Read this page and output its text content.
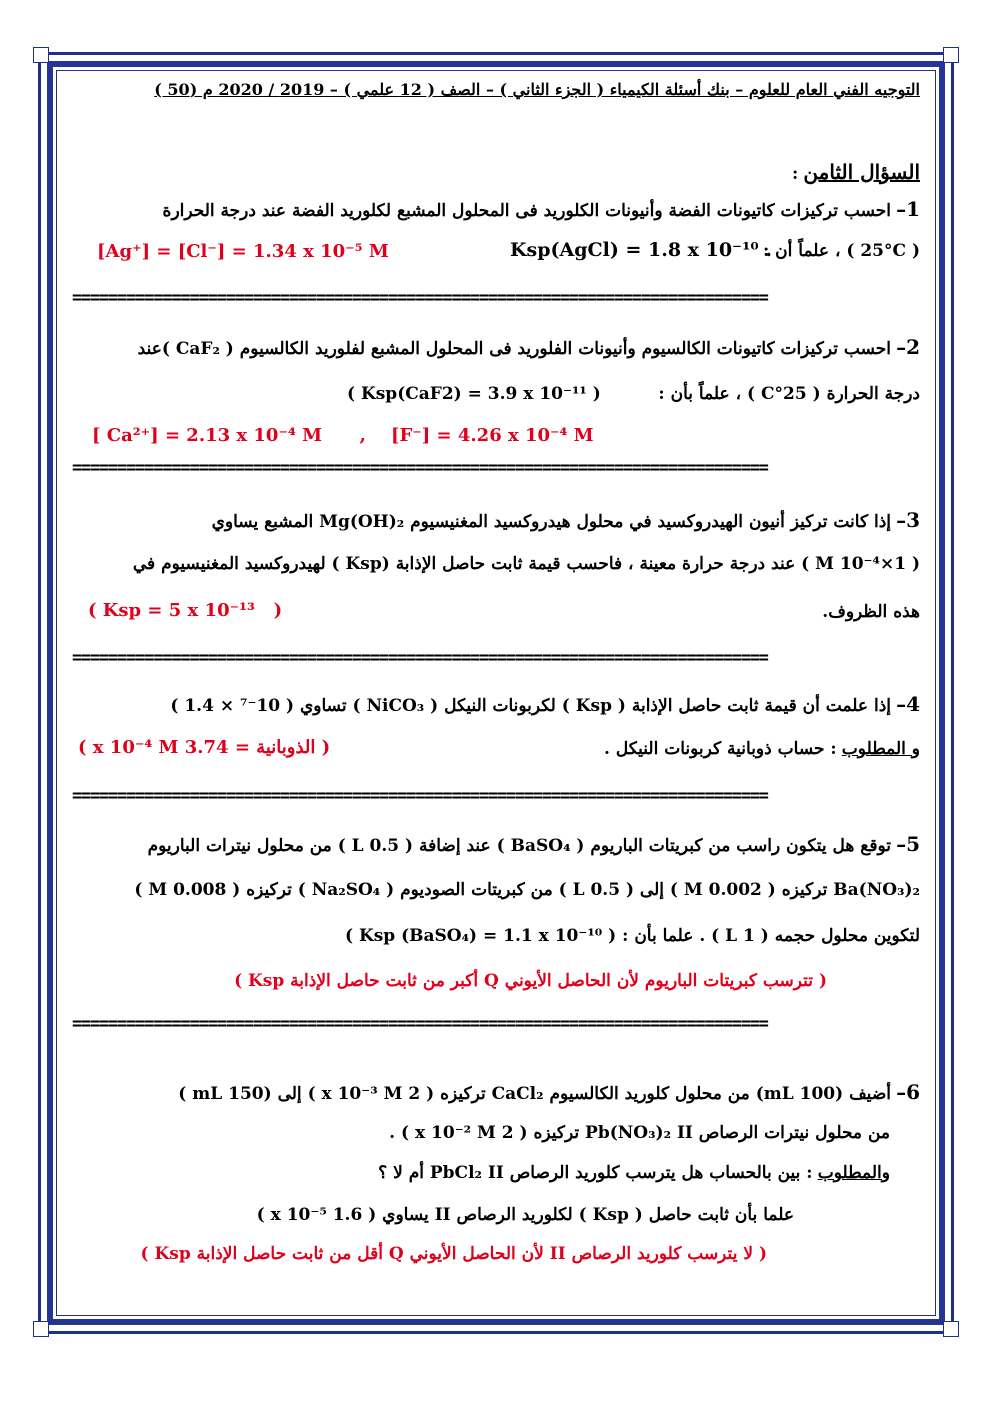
التوجيه الفني العام للعلوم – بنك أسئلة الكيمياء ( الجزء الثاني ) – الصف ( 12 علمي ) – 2019 / 2020 م (50 )
السؤال الثامن :
1– احسب تركيزات كاتيونات الفضة وأنيونات الكلوريد فى المحلول المشبع لكلوريد الفضة عند درجة الحرارة
( 25°C ) ، علماً أن :
Ksp(AgCl) = 1.8 x 10⁻¹⁰ .
[Ag⁺] = [Cl⁻] = 1.34 x 10⁻⁵ M
=============================================================================
2– احسب تركيزات كاتيونات الكالسيوم وأنيونات الفلوريد فى المحلول المشبع لفلوريد الكالسيوم ( CaF₂ )عند
درجة الحرارة ( 25°C ) ، علماً بأن :
( Ksp(CaF2) = 3.9 x 10⁻¹¹ )
[ Ca²⁺] = 2.13 x 10⁻⁴ M      ,    [F⁻] = 4.26 x 10⁻⁴ M
=============================================================================
3– إذا كانت تركيز أنيون الهيدروكسيد في محلول هيدروكسيد المغنيسيوم Mg(OH)₂ المشبع يساوي
( 1×10⁻⁴ M ) عند درجة حرارة معينة ، فاحسب قيمة ثابت حاصل الإذابة (Ksp ) لهيدروكسيد المغنيسيوم في
هذه الظروف.
( Ksp = 5 x 10⁻¹³   )
=============================================================================
4– إذا علمت أن قيمة ثابت حاصل الإذابة ( Ksp ) لكربونات النيكل ( NiCO₃ ) تساوي ( 10⁻⁷ × 1.4 )
و المطلوب : حساب ذوبانية كربونات النيكل .
( الذوبانية = 3.74 x 10⁻⁴ M )
=============================================================================
5– توقع هل يتكون راسب من كبريتات الباريوم ( BaSO₄ ) عند إضافة ( 0.5 L ) من محلول نيترات الباريوم
Ba(NO₃)₂ تركيزه ( 0.002 M ) إلى ( 0.5 L ) من كبريتات الصوديوم ( Na₂SO₄ ) تركيزه ( 0.008 M )
لتكوين محلول حجمه ( 1 L ) . علما بأن : ( Ksp (BaSO₄) = 1.1 x 10⁻¹⁰ )
( تترسب كبريتات الباريوم لأن الحاصل الأيوني Q أكبر من ثابت حاصل الإذابة Ksp )
=============================================================================
6– أضيف (100 mL) من محلول كلوريد الكالسيوم CaCl₂ تركيزه ( 2 x 10⁻³ M ) إلى (150 mL )
من محلول نيترات الرصاص Pb(NO₃)₂ II تركيزه ( 2 x 10⁻² M ) .
والمطلوب : بين بالحساب هل يترسب كلوريد الرصاص PbCl₂ II أم لا ؟
علما بأن ثابت حاصل ( Ksp ) لكلوريد الرصاص II يساوي ( 1.6 x 10⁻⁵ )
( لا يترسب كلوريد الرصاص II لأن الحاصل الأيوني Q أقل من ثابت حاصل الإذابة Ksp )
